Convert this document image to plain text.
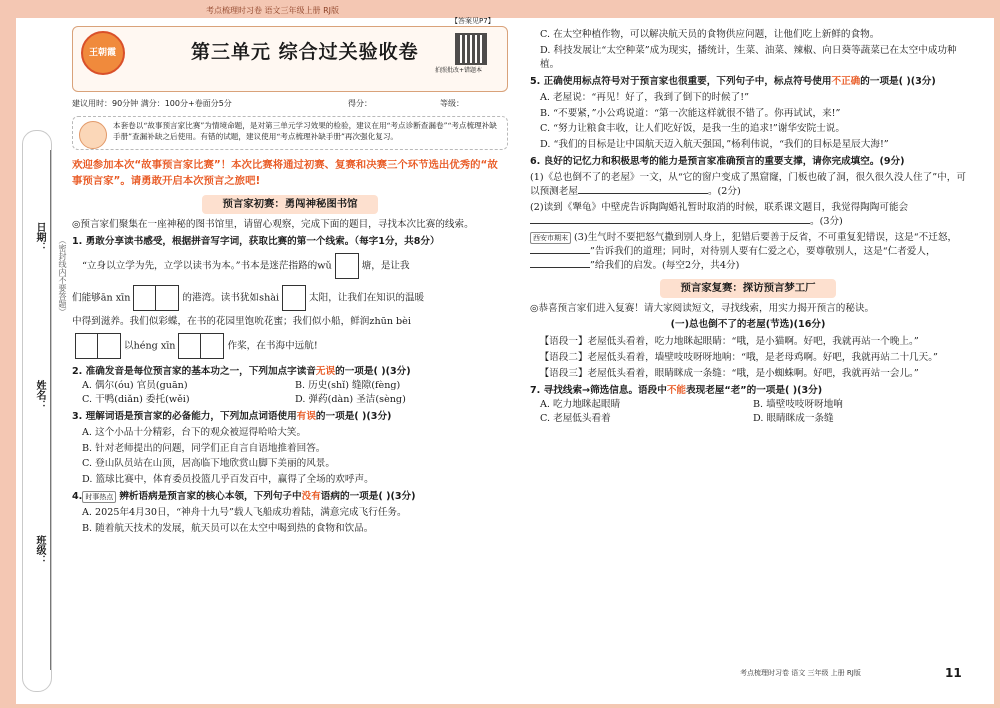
考点梳理时习卷 语文三年级上册 RJ版
日期： （密封线内不要答题）
姓名：
班级：
王朝霞
【答案见P7】
第三单元 综合过关验收卷
拍照批改+错题本
建议用时：90分钟 满分：100分+卷面分5分	得分：	等级：
本套卷以“故事预言家比赛”为情境命题，是对第三单元学习效果的检验，建议在用“考点诊断查漏卷”“考点梳理补缺手册”查漏补缺之后使用。有错的试题，建议使用“考点梳理补缺手册”再次强化复习。
欢迎参加本次“故事预言家比赛”！本次比赛将通过初赛、复赛和决赛三个环节选出优秀的“故事预言家”。请勇敢开启本次预言之旅吧!
预言家初赛：勇闯神秘图书馆
◎预言家们聚集在一座神秘的图书馆里，请留心观察，完成下面的题目，寻找本次比赛的线索。
1. 勇敢分享读书感受，根据拼音写字词，获取比赛的第一个线索。（每字1分，共8分）
“立身以立学为先，立学以读书为本。”书本是迷茫指路的wǔ	塘，是让我
们能够ān xīn	的港湾。读书犹如shài	太阳，让我们在知识的温暖
中得到滋养。我们似彩蝶，在书的花园里饱吮花蜜；我们似小船，鲜润zhūn bèi
以héng xīn	作桨，在书海中远航!
2. 准确发音是每位预言家的基本功之一，下列加点字读音无误的一项是( )(3分)
A. 偶尔(óu) 官员(guān)	B. 历史(shǐ) 缝隙(fèng)
C. 干鸭(diǎn) 委托(wěi)	D. 弹药(dàn) 圣洁(sèng)
3. 理解词语是预言家的必备能力，下列加点词语使用有误的一项是( )(3分)
A. 这个小品十分精彩，台下的观众被逗得哈哈大笑。
B. 针对老师提出的问题，同学们正自言自语地推着回答。
C. 登山队员站在山顶，居高临下地欣赏山脚下美丽的风景。
D. 篮球比赛中，体育委员投篮几乎百发百中，赢得了全场的欢呼声。
4. 时事热点 辨析语病是预言家的核心本领，下列句子中没有语病的一项是( )(3分)
A. 2025年4月30日，“神舟十九号”载人飞船成功着陆，满意完成飞行任务。
B. 随着航天技术的发展，航天员可以在太空中喝到热的食物和饮品。
C. 在太空种植作物，可以解决航天员的食物供应问题，让他们吃上新鲜的食物。
D. 科技发展让“太空种菜”成为现实，播统计，生菜、油菜、辣椒、向日葵等蔬菜已在太空中成功种植。
5. 正确使用标点符号对于预言家也很重要，下列句子中，标点符号使用不正确的一项是( )(3分)
A. 老屋说：“再见！好了，我到了倒下的时候了!”
B. “不要紧，”小公鸡说道：“第一次能这样就很不错了。你再试试，来!”
C. “努力让粮食丰收，让人们吃好饭，是我一生的追求!”谢华安院士说。
D. “我们的目标是让中国航天迈入航天强国，”杨利伟说，“我们的目标是星辰大海!”
6. 良好的记忆力和积极思考的能力是预言家准确预言的重要支撑，请你完成填空。(9分)
(1)《总也倒不了的老屋》一文，从“它的窗户变成了黑窟窿，门板也破了洞，很久很久没人住了”中，可以预测老屋	。(2分)
(2)读到《犟龟》中壁虎告诉陶陶婚礼暂时取消的时候，联系课文题目，我觉得陶陶可能会。(3分)
西安市期末 (3)生气时不要把怒气撒到别人身上，犯错后要善于反省，不可重复犯错误，这是“不迁怒，”告诉我们的道理；同时，对待别人要有仁爱之心，要尊敬别人，这是“仁者爱人，”给我们的启发。(每空2分，共4分)
预言家复赛：探访预言梦工厂
◎恭喜预言家们进入复赛！请大家阅读短文，寻找线索，用实力揭开预言的秘诀。
(一)总也倒不了的老屋(节选)(16分)
【语段一】老屋低头看着，吃力地眯起眼睛：“哦，是小猫啊。好吧，我就再站一个晚上。”
【语段二】老屋低头看着，墙壁吱吱呀呀地响：“哦，是老母鸡啊。好吧，我就再站二十几天。”
【语段三】老屋低头看着，眼睛眯成一条缝：“哦，是小蜘蛛啊。好吧，我就再站一会儿。”
7. 寻找线索→筛选信息。语段中不能表现老屋“老”的一项是( )(3分)
A. 吃力地眯起眼睛	B. 墙壁吱吱呀呀地响
C. 老屋低头看着	D. 眼睛眯成一条缝
考点梳理时习卷 语文 三年级 上册 RJ版	11
